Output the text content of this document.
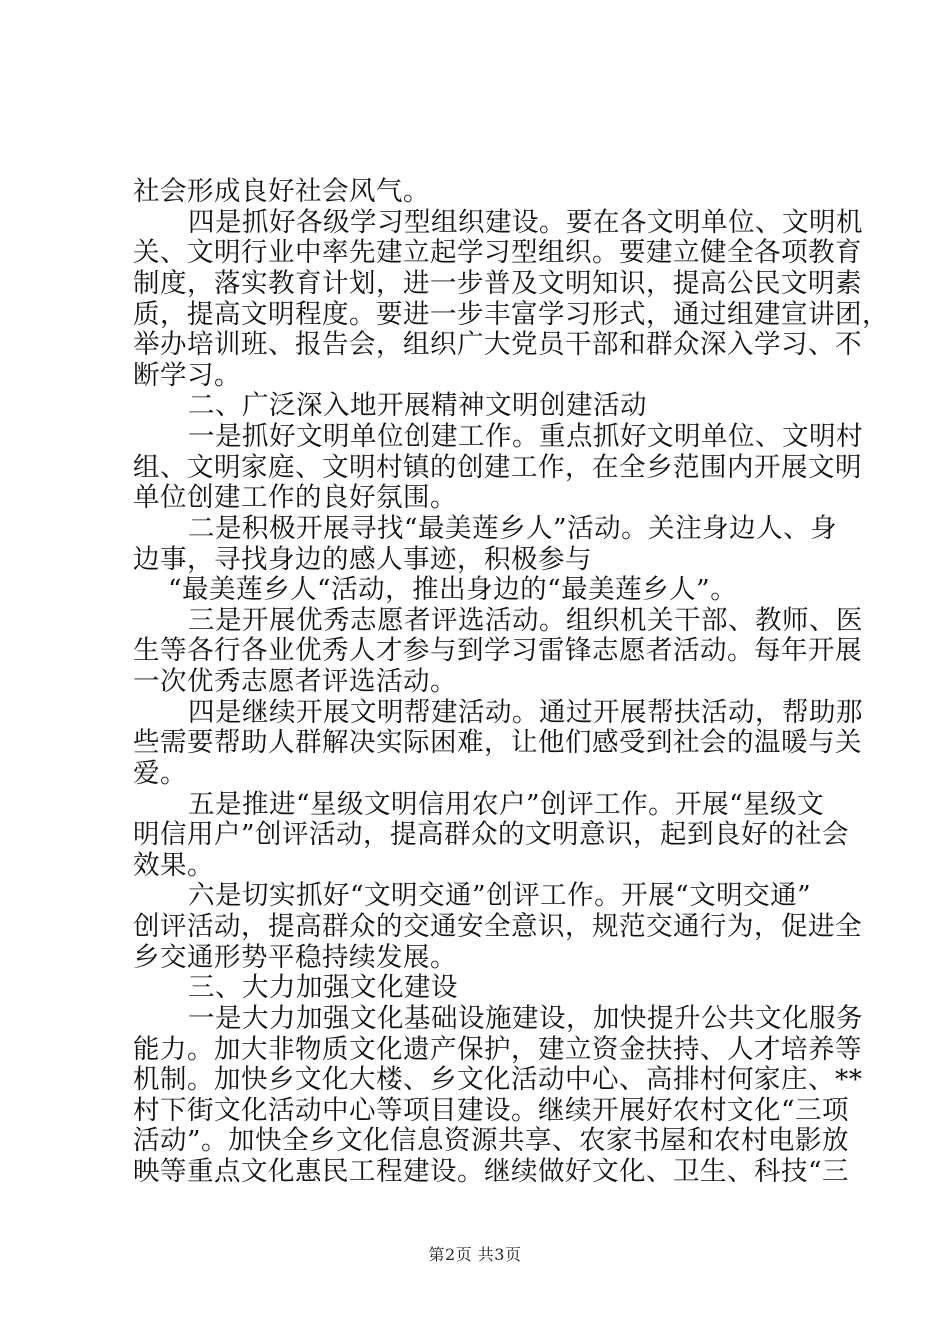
社会形成良好社会风气。
四是抓好各级学习型组织建设。要在各文明单位、文明机
关、文明行业中率先建立起学习型组织。要建立健全各项教育
制度，落实教育计划，进一步普及文明知识，提高公民文明素
质，提高文明程度。要进一步丰富学习形式，通过组建宣讲团，
举办培训班、报告会，组织广大党员干部和群众深入学习、不
断学习。
二、广泛深入地开展精神文明创建活动
一是抓好文明单位创建工作。重点抓好文明单位、文明村
组、文明家庭、文明村镇的创建工作，在全乡范围内开展文明
单位创建工作的良好氛围。
二是积极开展寻找“最美莲乡人”活动。关注身边人、身
边事，寻找身边的感人事迹，积极参与
“最美莲乡人“活动，推出身边的“最美莲乡人”。
三是开展优秀志愿者评选活动。组织机关干部、教师、医
生等各行各业优秀人才参与到学习雷锋志愿者活动。每年开展
一次优秀志愿者评选活动。
四是继续开展文明帮建活动。通过开展帮扶活动，帮助那
些需要帮助人群解决实际困难，让他们感受到社会的温暖与关
爱。
五是推进“星级文明信用农户”创评工作。开展“星级文
明信用户”创评活动，提高群众的文明意识，起到良好的社会
效果。
六是切实抓好“文明交通”创评工作。开展“文明交通”
创评活动，提高群众的交通安全意识，规范交通行为，促进全
乡交通形势平稳持续发展。
三、大力加强文化建设
一是大力加强文化基础设施建设，加快提升公共文化服务
能力。加大非物质文化遗产保护，建立资金扶持、人才培养等
机制。加快乡文化大楼、乡文化活动中心、高排村何家庄、**
村下街文化活动中心等项目建设。继续开展好农村文化“三项
活动”。加快全乡文化信息资源共享、农家书屋和农村电影放
映等重点文化惠民工程建设。继续做好文化、卫生、科技“三
第2页 共3页
